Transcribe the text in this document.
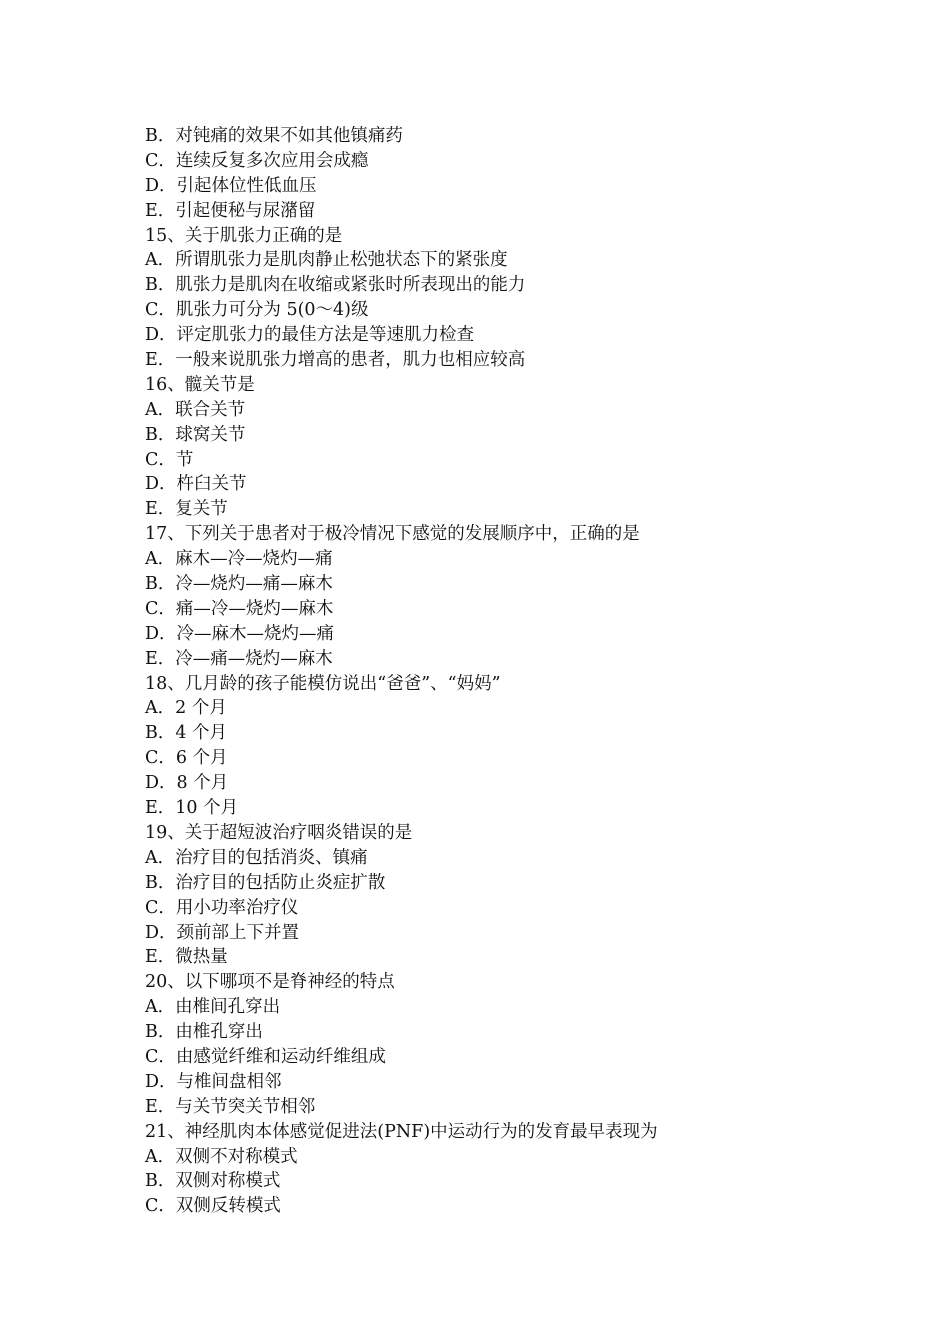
B．对钝痛的效果不如其他镇痛药
C．连续反复多次应用会成瘾
D．引起体位性低血压
E．引起便秘与尿潴留
15、关于肌张力正确的是
A．所谓肌张力是肌肉静止松弛状态下的紧张度
B．肌张力是肌肉在收缩或紧张时所表现出的能力
C．肌张力可分为 5(0～4)级
D．评定肌张力的最佳方法是等速肌力检查
E．一般来说肌张力增高的患者，肌力也相应较高
16、髋关节是
A．联合关节
B．球窝关节
C．节
D．杵臼关节
E．复关节
17、下列关于患者对于极冷情况下感觉的发展顺序中，正确的是
A．麻木—冷—烧灼—痛
B．冷—烧灼—痛—麻木
C．痛—冷—烧灼—麻木
D．冷—麻木—烧灼—痛
E．冷—痛—烧灼—麻木
18、几月龄的孩子能模仿说出“爸爸”、“妈妈”
A．2 个月
B．4 个月
C．6 个月
D．8 个月
E．10 个月
19、关于超短波治疗咽炎错误的是
A．治疗目的包括消炎、镇痛
B．治疗目的包括防止炎症扩散
C．用小功率治疗仪
D．颈前部上下并置
E．微热量
20、以下哪项不是脊神经的特点
A．由椎间孔穿出
B．由椎孔穿出
C．由感觉纤维和运动纤维组成
D．与椎间盘相邻
E．与关节突关节相邻
21、神经肌肉本体感觉促进法(PNF)中运动行为的发育最早表现为
A．双侧不对称模式
B．双侧对称模式
C．双侧反转模式
